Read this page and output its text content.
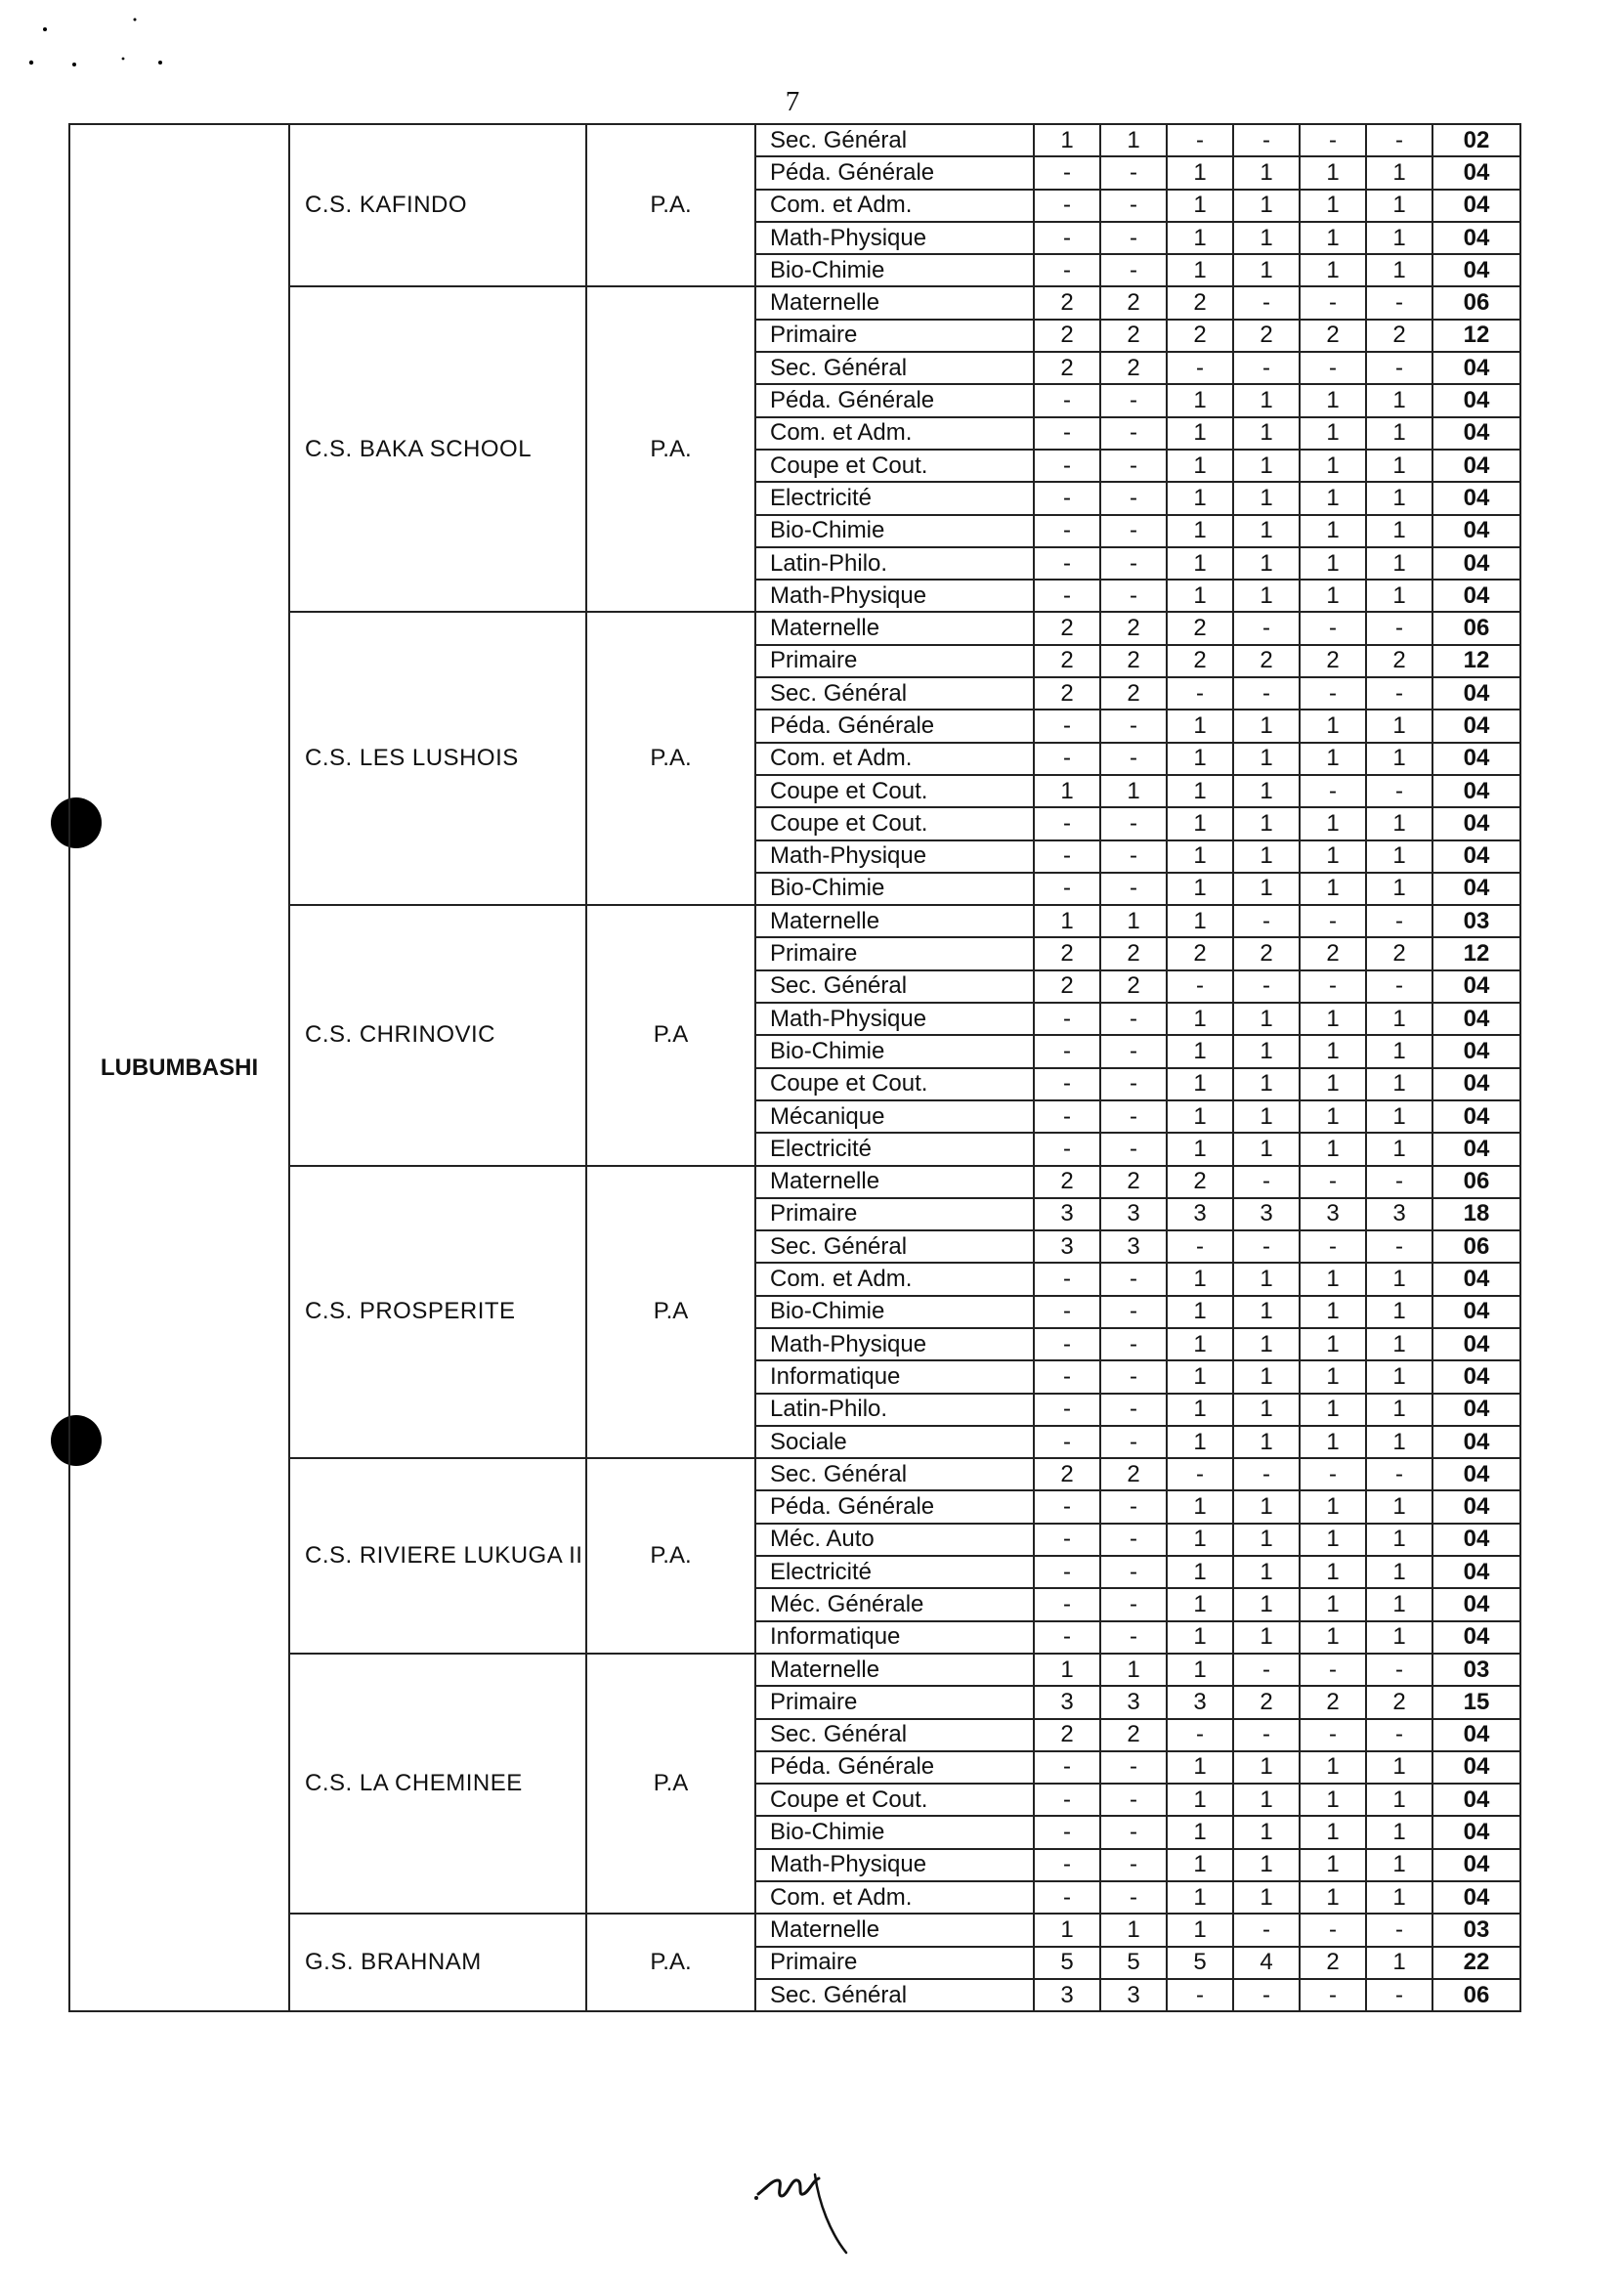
7
LUBUMBASHI	C.S. KAFINDO	P.A.	Sec. Général	1	1	-	-	-	-	02
			Péda. Générale	-	-	1	1	1	1	04
			Com. et Adm.	-	-	1	1	1	1	04
			Math-Physique	-	-	1	1	1	1	04
			Bio-Chimie	-	-	1	1	1	1	04
	C.S. BAKA SCHOOL	P.A.	Maternelle	2	2	2	-	-	-	06
			Primaire	2	2	2	2	2	2	12
			Sec. Général	2	2	-	-	-	-	04
			Péda. Générale	-	-	1	1	1	1	04
			Com. et Adm.	-	-	1	1	1	1	04
			Coupe et Cout.	-	-	1	1	1	1	04
			Electricité	-	-	1	1	1	1	04
			Bio-Chimie	-	-	1	1	1	1	04
			Latin-Philo.	-	-	1	1	1	1	04
			Math-Physique	-	-	1	1	1	1	04
	C.S. LES LUSHOIS	P.A.	Maternelle	2	2	2	-	-	-	06
			Primaire	2	2	2	2	2	2	12
			Sec. Général	2	2	-	-	-	-	04
			Péda. Générale	-	-	1	1	1	1	04
			Com. et Adm.	-	-	1	1	1	1	04
			Coupe et Cout.	1	1	1	1	-	-	04
			Coupe et Cout.	-	-	1	1	1	1	04
			Math-Physique	-	-	1	1	1	1	04
			Bio-Chimie	-	-	1	1	1	1	04
	C.S. CHRINOVIC	P.A	Maternelle	1	1	1	-	-	-	03
			Primaire	2	2	2	2	2	2	12
			Sec. Général	2	2	-	-	-	-	04
			Math-Physique	-	-	1	1	1	1	04
			Bio-Chimie	-	-	1	1	1	1	04
			Coupe et Cout.	-	-	1	1	1	1	04
			Mécanique	-	-	1	1	1	1	04
			Electricité	-	-	1	1	1	1	04
	C.S. PROSPERITE	P.A	Maternelle	2	2	2	-	-	-	06
			Primaire	3	3	3	3	3	3	18
			Sec. Général	3	3	-	-	-	-	06
			Com. et Adm.	-	-	1	1	1	1	04
			Bio-Chimie	-	-	1	1	1	1	04
			Math-Physique	-	-	1	1	1	1	04
			Informatique	-	-	1	1	1	1	04
			Latin-Philo.	-	-	1	1	1	1	04
			Sociale	-	-	1	1	1	1	04
	C.S. RIVIERE LUKUGA II	P.A.	Sec. Général	2	2	-	-	-	-	04
			Péda. Générale	-	-	1	1	1	1	04
			Méc. Auto	-	-	1	1	1	1	04
			Electricité	-	-	1	1	1	1	04
			Méc. Générale	-	-	1	1	1	1	04
			Informatique	-	-	1	1	1	1	04
	C.S. LA CHEMINEE	P.A	Maternelle	1	1	1	-	-	-	03
			Primaire	3	3	3	2	2	2	15
			Sec. Général	2	2	-	-	-	-	04
			Péda. Générale	-	-	1	1	1	1	04
			Coupe et Cout.	-	-	1	1	1	1	04
			Bio-Chimie	-	-	1	1	1	1	04
			Math-Physique	-	-	1	1	1	1	04
			Com. et Adm.	-	-	1	1	1	1	04
	G.S. BRAHNAM	P.A.	Maternelle	1	1	1	-	-	-	03
			Primaire	5	5	5	4	2	1	22
			Sec. Général	3	3	-	-	-	-	06
